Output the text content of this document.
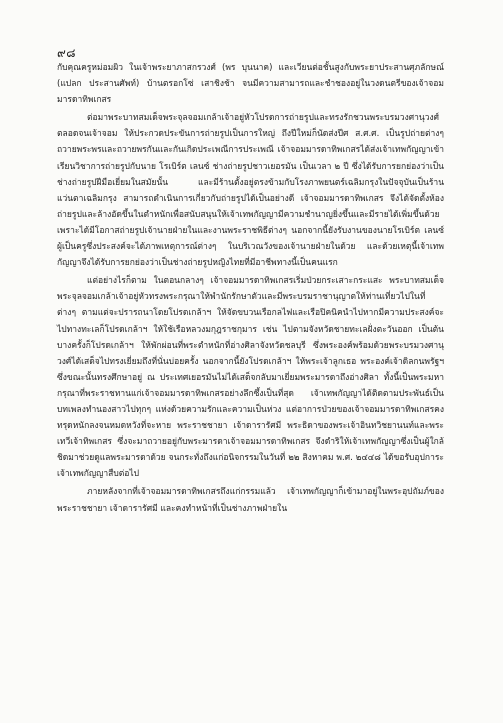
๙๘

กับคุณครูหม่อมผิว ในเจ้าพระยาภาสกรวงศ์ (พร บุนนาค) และเวียนต่อชั้นสูงกับพระยาประสานศุภลักษณ์ (แปลก ประสานศัพท์) บ้านตรอกโซ่ เสาชิงช้า จนมีความสามารถและชำชองอยู่ในวงดนตรีของเจ้าจอมมารดาทิพเกสร

ต่อมาพระบาทสมเด็จพระจุลจอมเกล้าเจ้าอยู่หัวโปรดการถ่ายรูปและทรงรักชวนพระบรมวงศานุวงศ์ตลอดจนเจ้าจอม ให้ประกวดประขันการถ่ายรูปเป็นการใหญ่ ถึงปีใหม่ก็นัดส่งปีศ ส.ศ.ศ. เป็นรูปถ่ายต่างๆ ถวายพระพรและถวายพรกันและกันเกิดประเพณีการประเพณี เจ้าจอมมารดาทิพเกสรได้ส่งเจ้าเทพกัญญาเข้าเรียนวิชาการถ่ายรูปกับนาย โรเบิร์ต เลนซ์ ช่างถ่ายรูปชาวเยอรมัน เป็นเวลา ๒ ปี ซึ่งได้รับการยกย่องว่าเป็นช่างถ่ายรูปฝีมือเยี่ยมในสมัยนั้น และมีร้านตั้งอยู่ตรงข้ามกับโรงภาพยนตร์เฉลิมกรุงในปัจจุบันเป็นร้าน แว่นตาเฉลิมกรุง สามารถดำเนินการเกี่ยวกับถ่ายรูปได้เป็นอย่างดี เจ้าจอมมารดาทิพเกสร จึงได้จัดตั้งห้องถ่ายรูปและล้างอัดขึ้นในตำหนักเพื่อสนับสนุนให้เจ้าเทพกัญญามีความชำนาญยิ่งขึ้นและมีรายได้เพิ่มขึ้นด้วยเพราะได้มีโอกาสถ่ายรูปเจ้านายฝ่ายในและงานพระราชพิธีต่างๆ นอกจากนี้ยังรับงานของนายโรเบิร์ต เลนซ์ ผู้เป็นครูซึ่งประสงค์จะได้ภาพเหตุการณ์ต่างๆ ในบริเวณวังของเจ้านายฝ่ายในด้วย และด้วยเหตุนี้เจ้าเทพกัญญาจึงได้รับการยกย่องว่าเป็นช่างถ่ายรูปหญิงไทยที่มีอาชีพทางนี้เป็นคนแรก

แต่อย่างไรก็ตาม ในตอนกลางๆ เจ้าจอมมารดาทิพเกสรเริ่มป่วยกระเสาะกระแสะ พระบาทสมเด็จพระจุลจอมเกล้าเจ้าอยู่หัวทรงพระกรุณาให้พำนักรักษาตัวและมีพระบรมราชานุญาตให้ท่านเที่ยวไปในที่ต่างๆ ตามแต่จะปรารถนาโดยโปรดเกล้าฯ ให้จัดขบวนเรือกลไฟและเรือปิคนิคนำไปหากมีความประสงค์จะไปทางทะเลก็โปรดเกล้าฯ ให้ใช้เรือหลวงมกุฎราชกุมาร เช่น ไปตามจังหวัดชายทะเลฝั่งตะวันออก เป็นต้น บางครั้งก็โปรดเกล้าฯ ให้พักผ่อนที่พระตำหนักที่อ่างศิลาจังหวัดชลบุรี ซึ่งพระองค์พร้อมด้วยพระบรมวงศานุวงศ์ได้เสด็จไปทรงเยี่ยมถึงที่นั่นบ่อยครั้ง นอกจากนี้ยังโปรดเกล้าฯ ให้พระเจ้าลูกเธอ พระองค์เจ้าดิลกนพรัฐฯ ซึ่งขณะนั้นทรงศึกษาอยู่ ณ ประเทศเยอรมันไม่ได้เสด็จกลับมาเยี่ยมพระมารดาถึงอ่างศิลา ทั้งนี้เป็นพระมหากรุณาที่พระราชทานแก่เจ้าจอมมารดาทิพเกสรอย่างลึกซึ้งเป็นที่สุด เจ้าเทพกัญญาได้ติดตามประพันธ์เป็นบทเพลงทำนองสาวไปทุกๆ แห่งด้วยความรักและความเป็นห่วง แต่อาการป่วยของเจ้าจอมมารดาทิพเกสรคงทรุดหนักลงจนหมดหวังที่จะหาย พระราชชายา เจ้าดารารัศมี พระธิดาของพระเจ้าอินทวิชยานนท์และพระเทวีเจ้าทิพเกสร ซึ่งจะมาถวายอยู่กับพระมารดาเจ้าจอมมารดาทิพเกสร จึงดำริให้เจ้าเทพกัญญาซึ่งเป็นผู้ใกล้ชิดมาช่วยดูแลพระมารดาด้วย จนกระทั่งถึงแก่อนิจกรรมในวันที่ ๒๒ สิงหาคม พ.ศ. ๒๔๔๘ ได้ขอรับอุปการะเจ้าเทพกัญญาสืบต่อไป

ภายหลังจากที่เจ้าจอมมารดาทิพเกสรถึงแก่กรรมแล้ว เจ้าเทพกัญญาก็เข้ามาอยู่ในพระอุปถัมภ์ของพระราชชายา เจ้าดารารัศมี และคงทำหน้าที่เป็นช่างภาพฝ่ายใน
